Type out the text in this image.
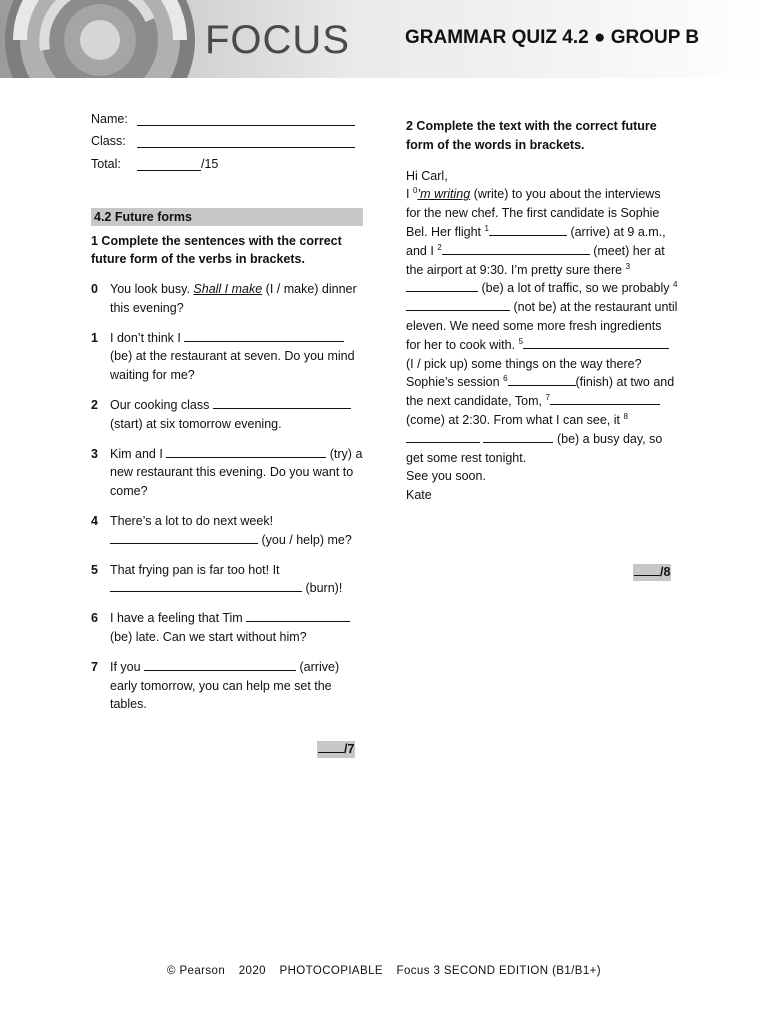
FOCUS	GRAMMAR QUIZ 4.2 ● GROUP B
Name:
Class:
Total:	/15
4.2 Future forms
1 Complete the sentences with the correct future form of the verbs in brackets.
0 You look busy. Shall I make (I / make) dinner this evening?
1 I don’t think I  (be) at the restaurant at seven. Do you mind waiting for me?
2 Our cooking class  (start) at six tomorrow evening.
3 Kim and I	(try) a new restaurant this evening. Do you want to come?
4 There’s a lot to do next week!  (you / help) me?
5 That frying pan is far too hot! It  (burn)!
6 I have a feeling that Tim  (be) late. Can we start without him?
7 If you	(arrive) early tomorrow, you can help me set the tables.
/7
2 Complete the text with the correct future form of the words in brackets.

Hi Carl,

I $^0$’m writing (write) to you about the interviews for the new chef. The first candidate is Sophie Bel. Her flight $^1$	(arrive) at 9 a.m., and I $^2$	(meet) her at the airport at 9:30. I’m pretty sure there $^3$ (be) a lot of traffic, so we probably $^4$ (not be) at the restaurant until eleven. We need some more fresh ingredients for her to cook with. $^5$ (I / pick up) some things on the way there? Sophie’s session $^6$	(finish) at two and the next candidate, Tom, $^7$ (come) at 2:30. From what I can see, it $^8$  (be) a busy day, so get some rest tonight.

See you soon.

Kate

/8
© Pearson 2020 PHOTOCOPIABLE Focus 3 SECOND EDITION (B1/B1+)
